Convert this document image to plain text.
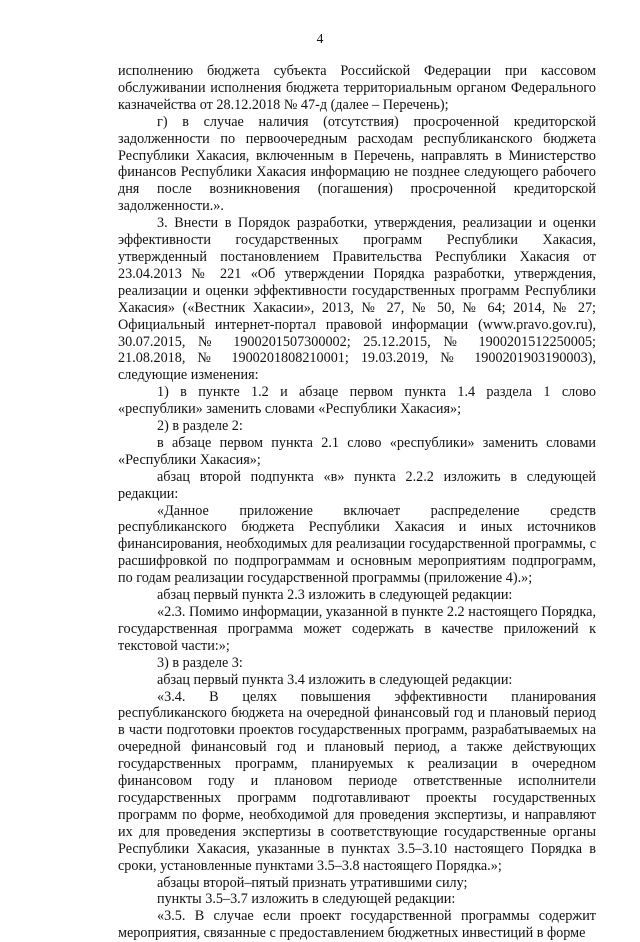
4

исполнению бюджета субъекта Российской Федерации при кассовом обслуживании исполнения бюджета территориальным органом Федерального казначейства от 28.12.2018 № 47-д (далее – Перечень);

г) в случае наличия (отсутствия) просроченной кредиторской задолженности по первоочередным расходам республиканского бюджета Республики Хакасия, включенным в Перечень, направлять в Министерство финансов Республики Хакасия информацию не позднее следующего рабочего дня после возникновения (погашения) просроченной кредиторской задолженности.».

3. Внести в Порядок разработки, утверждения, реализации и оценки эффективности государственных программ Республики Хакасия, утвержденный постановлением Правительства Республики Хакасия от 23.04.2013 № 221 «Об утверждении Порядка разработки, утверждения, реализации и оценки эффективности государственных программ Республики Хакасия» («Вестник Хакасии», 2013, № 27, № 50, № 64; 2014, № 27; Официальный интернет-портал правовой информации (www.pravo.gov.ru), 30.07.2015, № 1900201507300002; 25.12.2015, № 1900201512250005; 21.08.2018, № 1900201808210001; 19.03.2019, № 1900201903190003), следующие изменения:

1) в пункте 1.2 и абзаце первом пункта 1.4 раздела 1 слово «республики» заменить словами «Республики Хакасия»;

2) в разделе 2:

в абзаце первом пункта 2.1 слово «республики» заменить словами «Республики Хакасия»;

абзац второй подпункта «в» пункта 2.2.2 изложить в следующей редакции:

«Данное приложение включает распределение средств республиканского бюджета Республики Хакасия и иных источников финансирования, необходимых для реализации государственной программы, с расшифровкой по подпрограммам и основным мероприятиям подпрограмм, по годам реализации государственной программы (приложение 4).»;

абзац первый пункта 2.3 изложить в следующей редакции:

«2.3. Помимо информации, указанной в пункте 2.2 настоящего Порядка, государственная программа может содержать в качестве приложений к текстовой части:»;

3) в разделе 3:

абзац первый пункта 3.4 изложить в следующей редакции:

«3.4. В целях повышения эффективности планирования республиканского бюджета на очередной финансовый год и плановый период в части подготовки проектов государственных программ, разрабатываемых на очередной финансовый год и плановый период, а также действующих государственных программ, планируемых к реализации в очередном финансовом году и плановом периоде ответственные исполнители государственных программ подготавливают проекты государственных программ по форме, необходимой для проведения экспертизы, и направляют их для проведения экспертизы в соответствующие государственные органы Республики Хакасия, указанные в пунктах 3.5–3.10 настоящего Порядка в сроки, установленные пунктами 3.5–3.8 настоящего Порядка.»;

абзацы второй–пятый признать утратившими силу;

пункты 3.5–3.7 изложить в следующей редакции:

«3.5. В случае если проект государственной программы содержит мероприятия, связанные с предоставлением бюджетных инвестиций в форме
